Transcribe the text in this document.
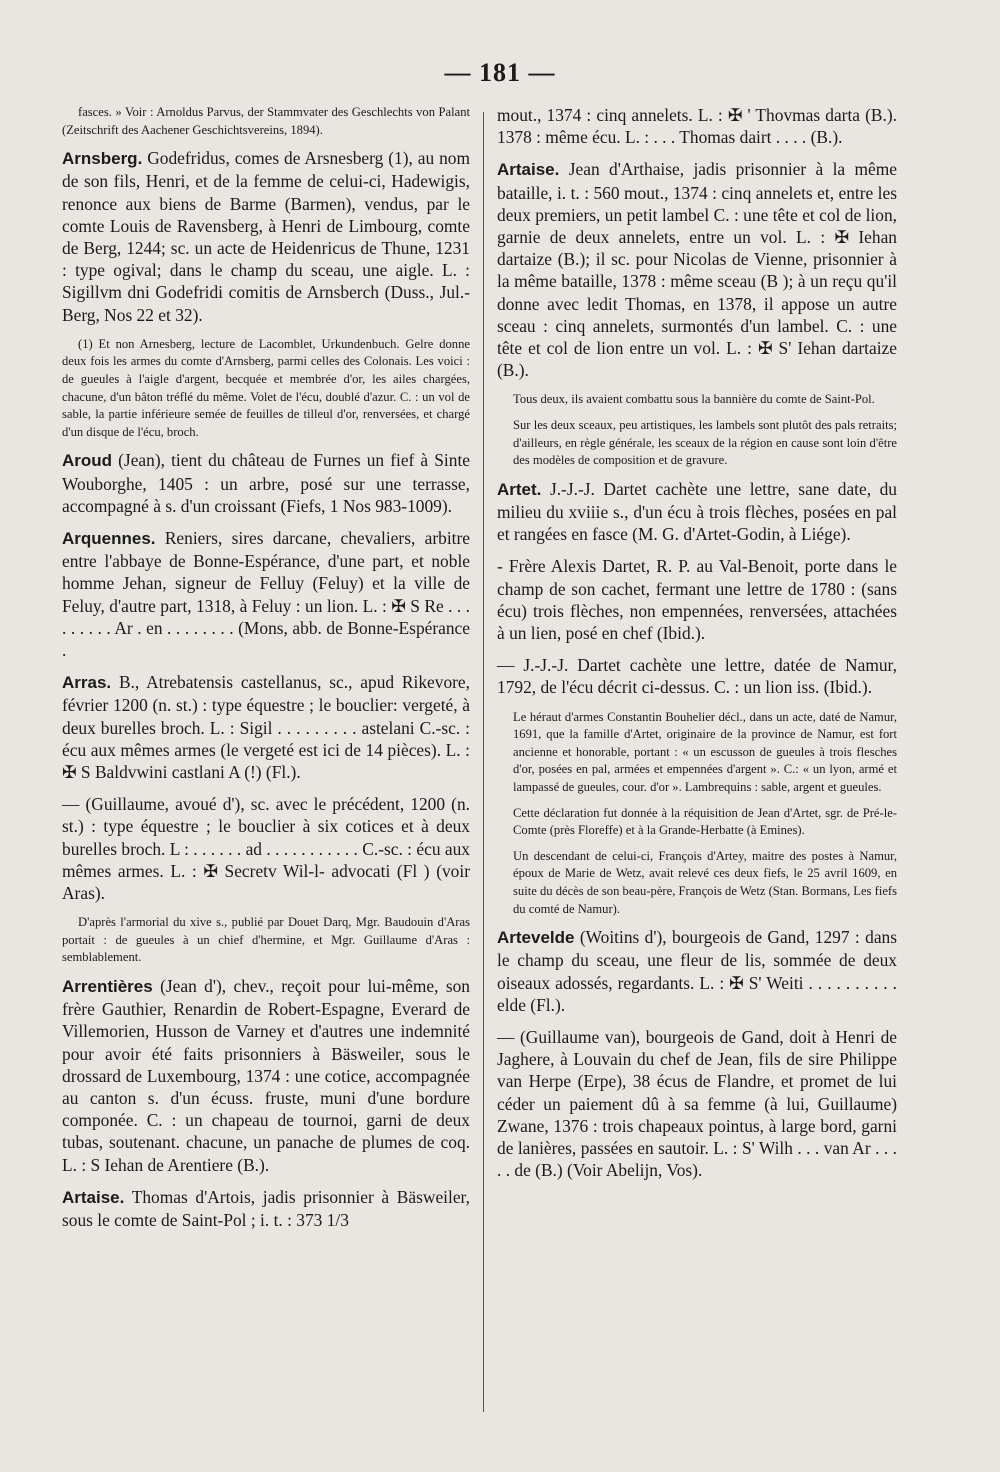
— 181 —

fasces. » Voir : Arnoldus Parvus, der Stammvater des Geschlechts von Palant (Zeitschrift des Aachener Geschichtsvereins, 1894).

Arnsberg. Godefridus, comes de Arsnesberg (1), au nom de son fils, Henri, et de la femme de celui-ci, Hadewigis, renonce aux biens de Barme (Barmen), vendus, par le comte Louis de Ravensberg, à Henri de Limbourg, comte de Berg, 1244; sc. un acte de Heidenricus de Thune, 1231 : type ogival; dans le champ du sceau, une aigle. L. : Sigillvm dni Godefridi comitis de Arnsberch (Duss., Jul.-Berg, Nos 22 et 32).

(1) Et non Arnesberg, lecture de Lacomblet, Urkundenbuch. Gelre donne deux fois les armes du comte d'Arnsberg, parmi celles des Colonais. Les voici : de gueules à l'aigle d'argent, becquée et membrée d'or, les ailes chargées, chacune, d'un bâton tréflé du même. Volet de l'écu, doublé d'azur. C. : un vol de sable, la partie inférieure semée de feuilles de tilleul d'or, renversées, et chargé d'un disque de l'écu, broch.

Aroud (Jean), tient du château de Furnes un fief à Sinte Wouborghe, 1405 : un arbre, posé sur une terrasse, accompagné à s. d'un croissant (Fiefs, 1 Nos 983-1009).

Arquennes. Reniers, sires darcane, chevaliers, arbitre entre l'abbaye de Bonne-Espérance, d'une part, et noble homme Jehan, signeur de Felluy (Feluy) et la ville de Feluy, d'autre part, 1318, à Feluy : un lion. L. : ✠ S Re . . . . . . . . . Ar . en . . . . . . . . (Mons, abb. de Bonne-Espérance .

Arras. B., Atrebatensis castellanus, sc., apud Rikevore, février 1200 (n. st.) : type équestre ; le bouclier: vergeté, à deux burelles broch. L. : Sigil . . . . . . . . . astelani C.-sc. : écu aux mêmes armes (le vergeté est ici de 14 pièces). L. : ✠ S Baldvwini castlani A (!) (Fl.).

— (Guillaume, avoué d'), sc. avec le précédent, 1200 (n. st.) : type équestre ; le bouclier à six cotices et à deux burelles broch. L : . . . . . . ad . . . . . . . . . . . C.-sc. : écu aux mêmes armes. L. : ✠ Secretv Wil-l- advocati (Fl ) (voir Aras).

D'après l'armorial du xive s., publié par Douet Darq, Mgr. Baudouin d'Aras portait : de gueules à un chief d'hermine, et Mgr. Guillaume d'Aras : semblablement.

Arrentières (Jean d'), chev., reçoit pour lui-même, son frère Gauthier, Renardin de Robert-Espagne, Everard de Villemorien, Husson de Varney et d'autres une indemnité pour avoir été faits prisonniers à Bäsweiler, sous le drossard de Luxembourg, 1374 : une cotice, accompagnée au canton s. d'un écuss. fruste, muni d'une bordure componée. C. : un chapeau de tournoi, garni de deux tubas, soutenant. chacune, un panache de plumes de coq. L. : S Iehan de Arentiere (B.).

Artaise. Thomas d'Artois, jadis prisonnier à Bäsweiler, sous le comte de Saint-Pol ; i. t. : 373 1/3

mout., 1374 : cinq annelets. L. : ✠ ' Thovmas darta (B.). 1378 : même écu. L. : . . . Thomas dairt . . . . (B.).

Artaise. Jean d'Arthaise, jadis prisonnier à la même bataille, i. t. : 560 mout., 1374 : cinq annelets et, entre les deux premiers, un petit lambel C. : une tête et col de lion, garnie de deux annelets, entre un vol. L. : ✠ Iehan dartaize (B.); il sc. pour Nicolas de Vienne, prisonnier à la même bataille, 1378 : même sceau (B ); à un reçu qu'il donne avec ledit Thomas, en 1378, il appose un autre sceau : cinq annelets, surmontés d'un lambel. C. : une tête et col de lion entre un vol. L. : ✠ S' Iehan dartaize (B.).

Tous deux, ils avaient combattu sous la bannière du comte de Saint-Pol.

Sur les deux sceaux, peu artistiques, les lambels sont plutôt des pals retraits; d'ailleurs, en règle générale, les sceaux de la région en cause sont loin d'être des modèles de composition et de gravure.

Artet. J.-J.-J. Dartet cachète une lettre, sane date, du milieu du xviiie s., d'un écu à trois flèches, posées en pal et rangées en fasce (M. G. d'Artet-Godin, à Liége).

- Frère Alexis Dartet, R. P. au Val-Benoit, porte dans le champ de son cachet, fermant une lettre de 1780 : (sans écu) trois flèches, non empennées, renversées, attachées à un lien, posé en chef (Ibid.).

— J.-J.-J. Dartet cachète une lettre, datée de Namur, 1792, de l'écu décrit ci-dessus. C. : un lion iss. (Ibid.).

Le héraut d'armes Constantin Bouhelier décl., dans un acte, daté de Namur, 1691, que la famille d'Artet, originaire de la province de Namur, est fort ancienne et honorable, portant : « un escusson de gueules à trois flesches d'or, posées en pal, armées et empennées d'argent ». C.: « un lyon, armé et lampassé de gueules, cour. d'or ». Lambrequins : sable, argent et gueules.

Cette déclaration fut donnée à la réquisition de Jean d'Artet, sgr. de Pré-le-Comte (près Floreffe) et à la Grande-Herbatte (à Emines).

Un descendant de celui-ci, François d'Artey, maitre des postes à Namur, époux de Marie de Wetz, avait relevé ces deux fiefs, le 25 avril 1609, en suite du décès de son beau-père, François de Wetz (Stan. Bormans, Les fiefs du comté de Namur).

Artevelde (Woitins d'), bourgeois de Gand, 1297 : dans le champ du sceau, une fleur de lis, sommée de deux oiseaux adossés, regardants. L. : ✠ S' Weiti . . . . . . . . . . elde (Fl.).

— (Guillaume van), bourgeois de Gand, doit à Henri de Jaghere, à Louvain du chef de Jean, fils de sire Philippe van Herpe (Erpe), 38 écus de Flandre, et promet de lui céder un paiement dû à sa femme (à lui, Guillaume) Zwane, 1376 : trois chapeaux pointus, à large bord, garni de lanières, passées en sautoir. L. : S' Wilh . . . van Ar . . . . . de (B.) (Voir Abelijn, Vos).
